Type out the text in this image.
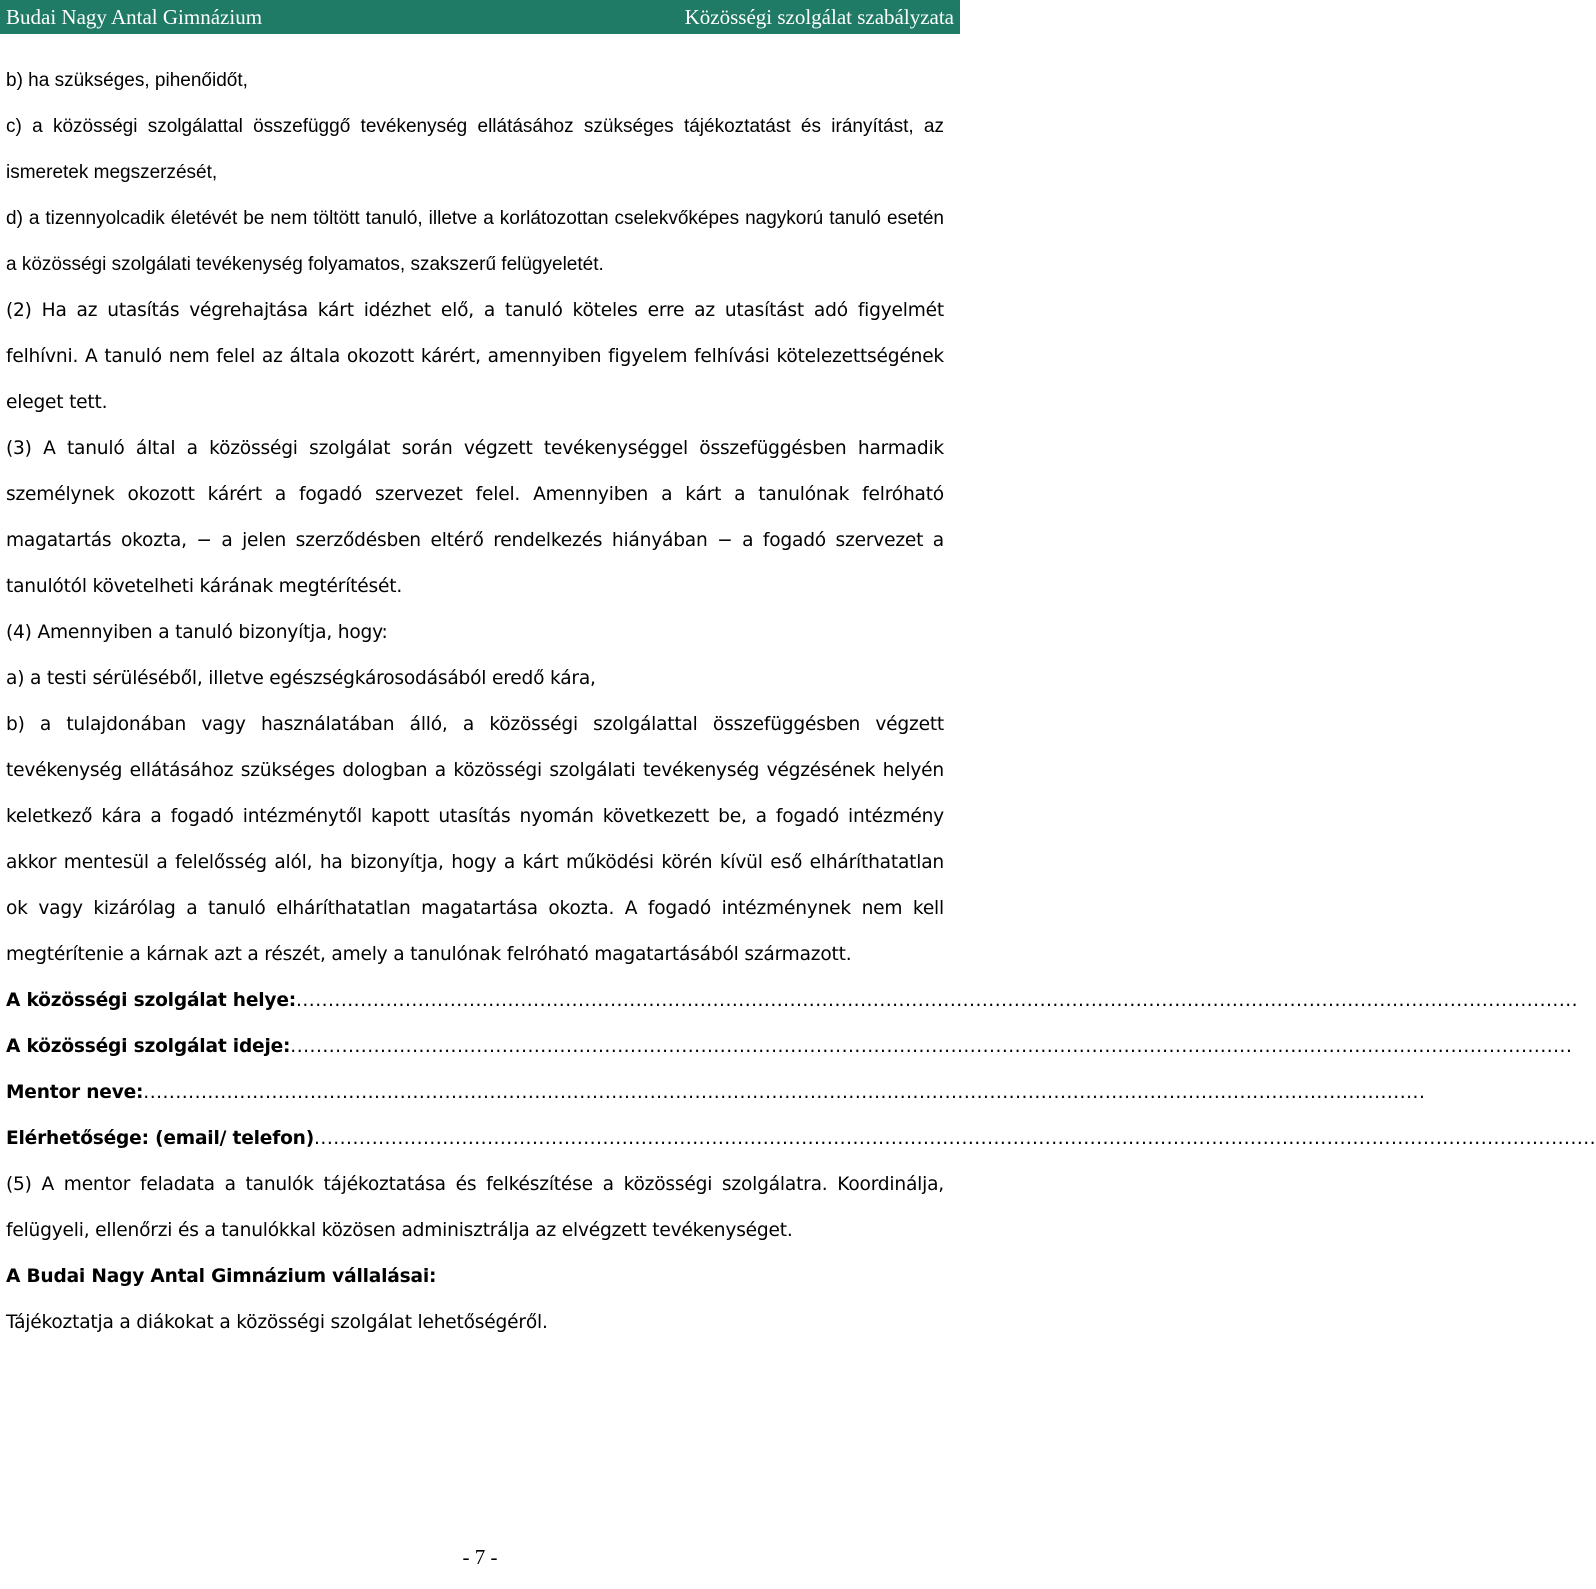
Budai Nagy Antal Gimnázium	Közösségi szolgálat szabályzata

b) ha szükséges, pihenőidőt,

c) a közösségi szolgálattal összefüggő tevékenység ellátásához szükséges tájékoztatást és irányítást, az ismeretek megszerzését,

d) a tizennyolcadik életévét be nem töltött tanuló, illetve a korlátozottan cselekvőképes nagykorú tanuló esetén a közösségi szolgálati tevékenység folyamatos, szakszerű felügyeletét.

(2) Ha az utasítás végrehajtása kárt idézhet elő, a tanuló köteles erre az utasítást adó figyelmét felhívni. A tanuló nem felel az általa okozott kárért, amennyiben figyelem felhívási kötelezettségének eleget tett.

(3) A tanuló által a közösségi szolgálat során végzett tevékenységgel összefüggésben harmadik személynek okozott kárért a fogadó szervezet felel. Amennyiben a kárt a tanulónak felróható magatartás okozta, − a jelen szerződésben eltérő rendelkezés hiányában − a fogadó szervezet a tanulótól követelheti kárának megtérítését.

(4) Amennyiben a tanuló bizonyítja, hogy:

a) a testi sérüléséből, illetve egészségkárosodásából eredő kára,

b) a tulajdonában vagy használatában álló, a közösségi szolgálattal összefüggésben végzett tevékenység ellátásához szükséges dologban a közösségi szolgálati tevékenység végzésének helyén keletkező kára a fogadó intézménytől kapott utasítás nyomán következett be, a fogadó intézmény akkor mentesül a felelősség alól, ha bizonyítja, hogy a kárt működési körén kívül eső elháríthatatlan ok vagy kizárólag a tanuló elháríthatatlan magatartása okozta. A fogadó intézménynek nem kell megtérítenie a kárnak azt a részét, amely a tanulónak felróható magatartásából származott.

A közösségi szolgálat helye:........................................................................................................................................................................................................
A közösségi szolgálat ideje:........................................................................................................................................................................................................
Mentor neve:........................................................................................................................................................................................................
Elérhetősége: (email/ telefon)........................................................................................................................................................................................................

(5) A mentor feladata a tanulók tájékoztatása és felkészítése a közösségi szolgálatra. Koordinálja, felügyeli, ellenőrzi és a tanulókkal közösen adminisztrálja az elvégzett tevékenységet.

A Budai Nagy Antal Gimnázium vállalásai:

Tájékoztatja a diákokat a közösségi szolgálat lehetőségéről.

- 7 -
